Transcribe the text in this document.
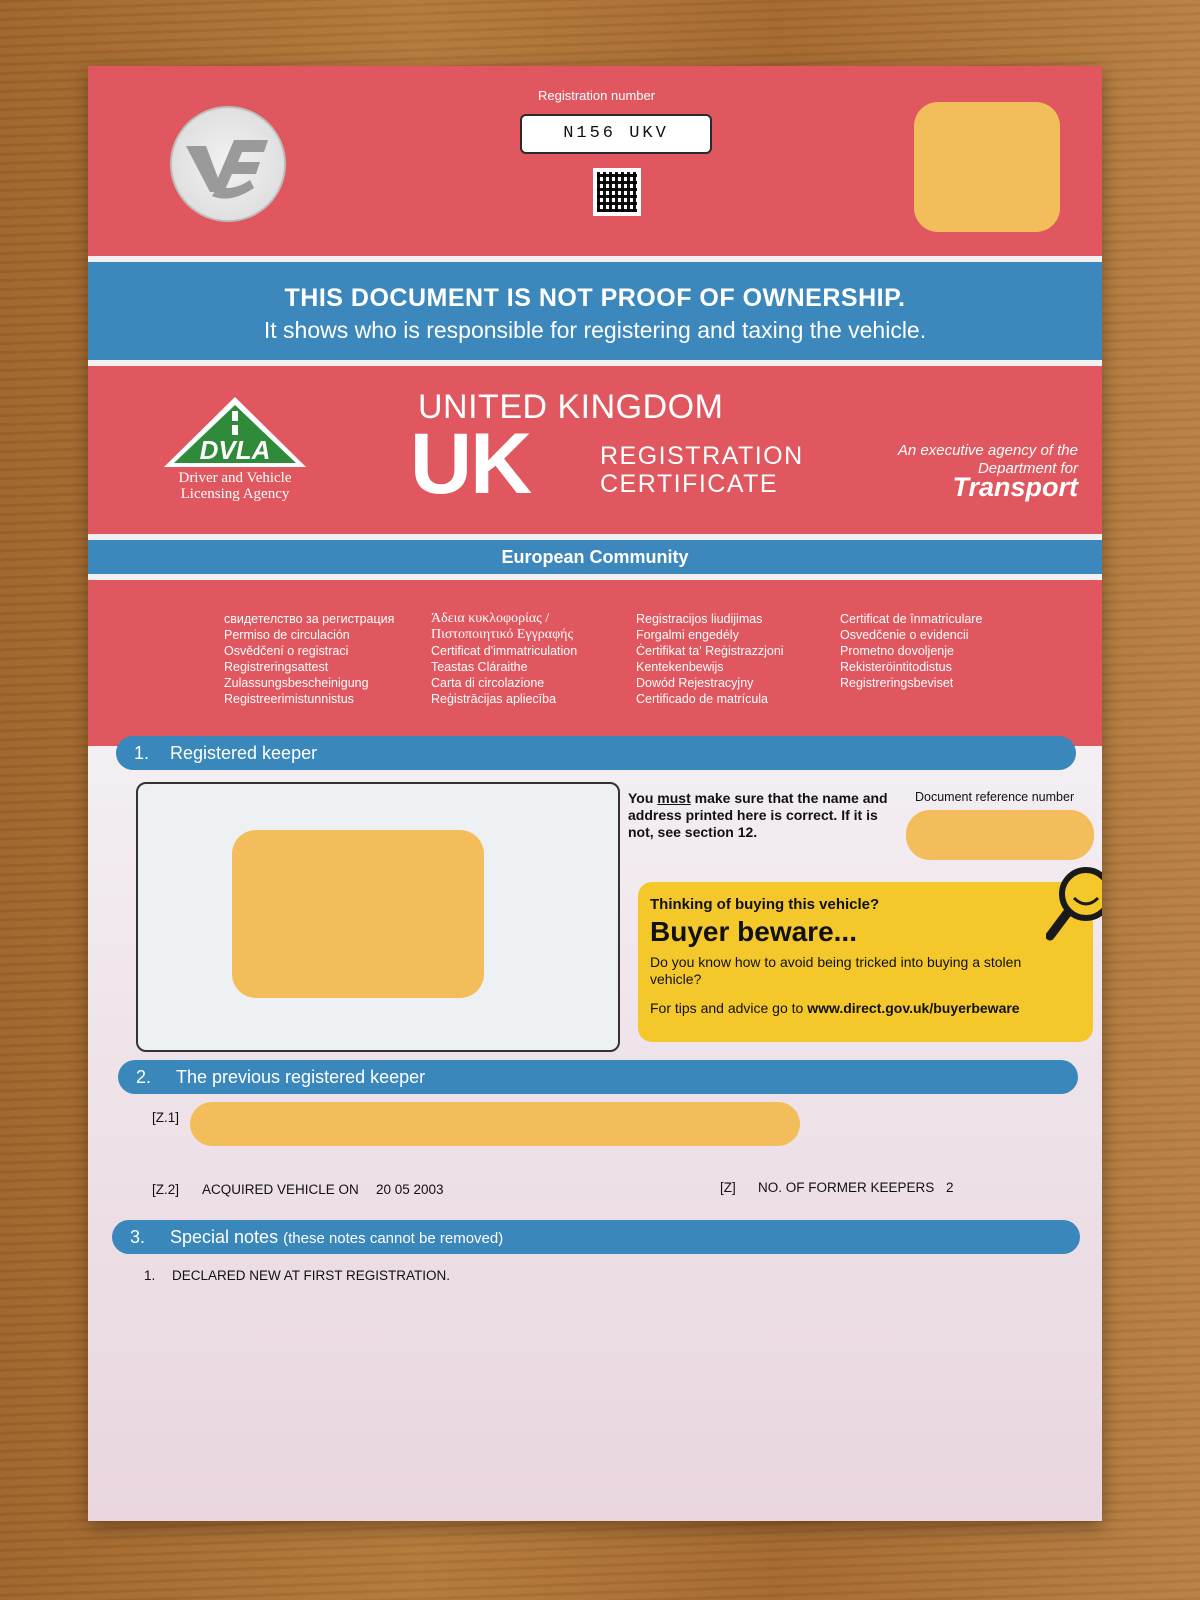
Registration number
N156 UKV
THIS DOCUMENT IS NOT PROOF OF OWNERSHIP.
It shows who is responsible for registering and taxing the vehicle.
DVLA
Driver and Vehicle
Licensing Agency
UNITED KINGDOM
UK	REGISTRATION
CERTIFICATE
An executive agency of the
Department for
Transport
European Community
свидетелство за регистрация
Permiso de circulación
Osvědčení o registraci
Registreringsattest
Zulassungsbescheinigung
Registreerimistunnistus
Άδεια κυκλοφορίας /
Πιστοποιητικό Εγγραφής
Certificat d'immatriculation
Teastas Cláraithe
Carta di circolazione
Reģistrācijas apliecība
Registracijos liudijimas
Forgalmi engedély
Ċertifikat ta' Reġistrazzjoni
Kentekenbewijs
Dowód Rejestracyjny
Certificado de matrícula
Certificat de înmatriculare
Osvedčenie o evidencii
Prometno dovoljenje
Rekisteröintitodistus
Registreringsbeviset
1. Registered keeper
You must make sure that the name and address printed here is correct. If it is not, see section 12.
Document reference number
Thinking of buying this vehicle?
Buyer beware...
Do you know how to avoid being tricked into buying a stolen vehicle?
For tips and advice go to www.direct.gov.uk/buyerbeware
2. The previous registered keeper
[Z.1]
[Z.2] ACQUIRED VEHICLE ON 20 05 2003	[Z] NO. OF FORMER KEEPERS 2
3. Special notes (these notes cannot be removed)
1. DECLARED NEW AT FIRST REGISTRATION.
